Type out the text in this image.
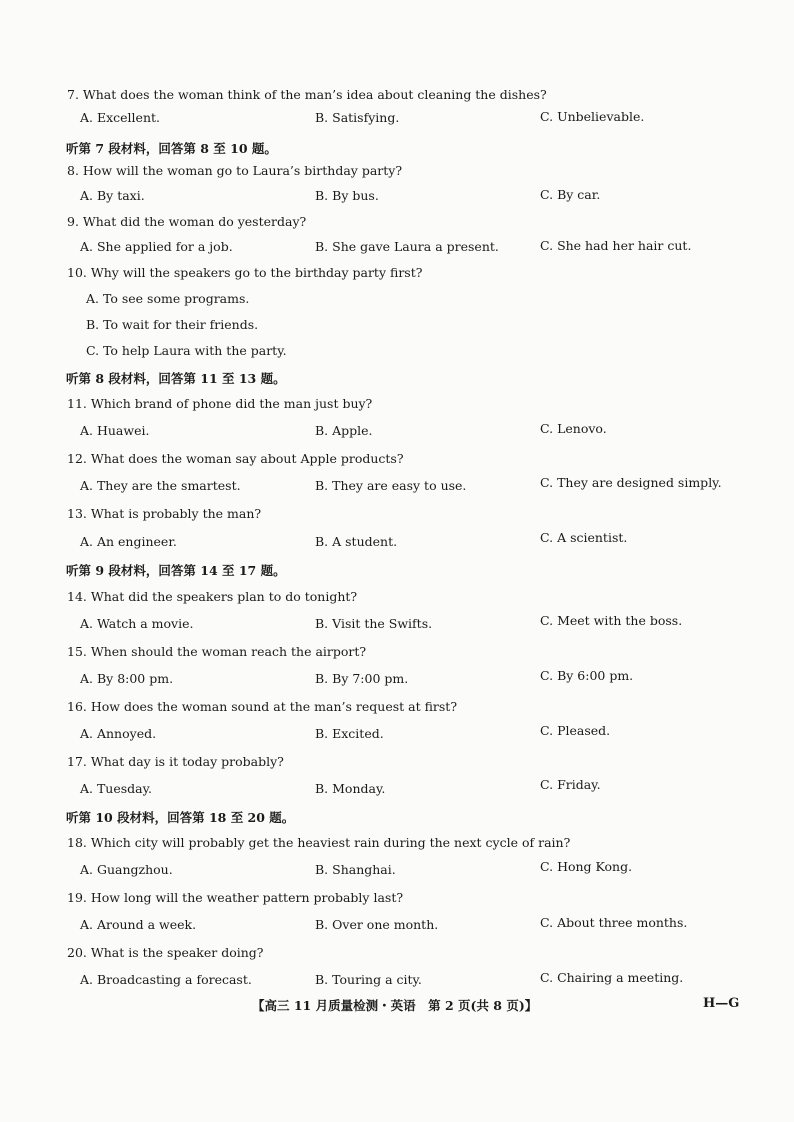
7. What does the woman think of the man’s idea about cleaning the dishes?
A. Excellent.	B. Satisfying.	C. Unbelievable.
听第 7 段材料，回答第 8 至 10 题。
8. How will the woman go to Laura’s birthday party?
A. By taxi.	B. By bus.	C. By car.
9. What did the woman do yesterday?
A. She applied for a job.	B. She gave Laura a present.	C. She had her hair cut.
10. Why will the speakers go to the birthday party first?
A. To see some programs.
B. To wait for their friends.
C. To help Laura with the party.
听第 8 段材料，回答第 11 至 13 题。
11. Which brand of phone did the man just buy?
A. Huawei.	B. Apple.	C. Lenovo.
12. What does the woman say about Apple products?
A. They are the smartest.	B. They are easy to use.	C. They are designed simply.
13. What is probably the man?
A. An engineer.	B. A student.	C. A scientist.
听第 9 段材料，回答第 14 至 17 题。
14. What did the speakers plan to do tonight?
A. Watch a movie.	B. Visit the Swifts.	C. Meet with the boss.
15. When should the woman reach the airport?
A. By 8:00 pm.	B. By 7:00 pm.	C. By 6:00 pm.
16. How does the woman sound at the man’s request at first?
A. Annoyed.	B. Excited.	C. Pleased.
17. What day is it today probably?
A. Tuesday.	B. Monday.	C. Friday.
听第 10 段材料，回答第 18 至 20 题。
18. Which city will probably get the heaviest rain during the next cycle of rain?
A. Guangzhou.	B. Shanghai.	C. Hong Kong.
19. How long will the weather pattern probably last?
A. Around a week.	B. Over one month.	C. About three months.
20. What is the speaker doing?
A. Broadcasting a forecast.	B. Touring a city.	C. Chairing a meeting.
【高三 11 月质量检测・英语　第 2 页(共 8 页)】	H—G
